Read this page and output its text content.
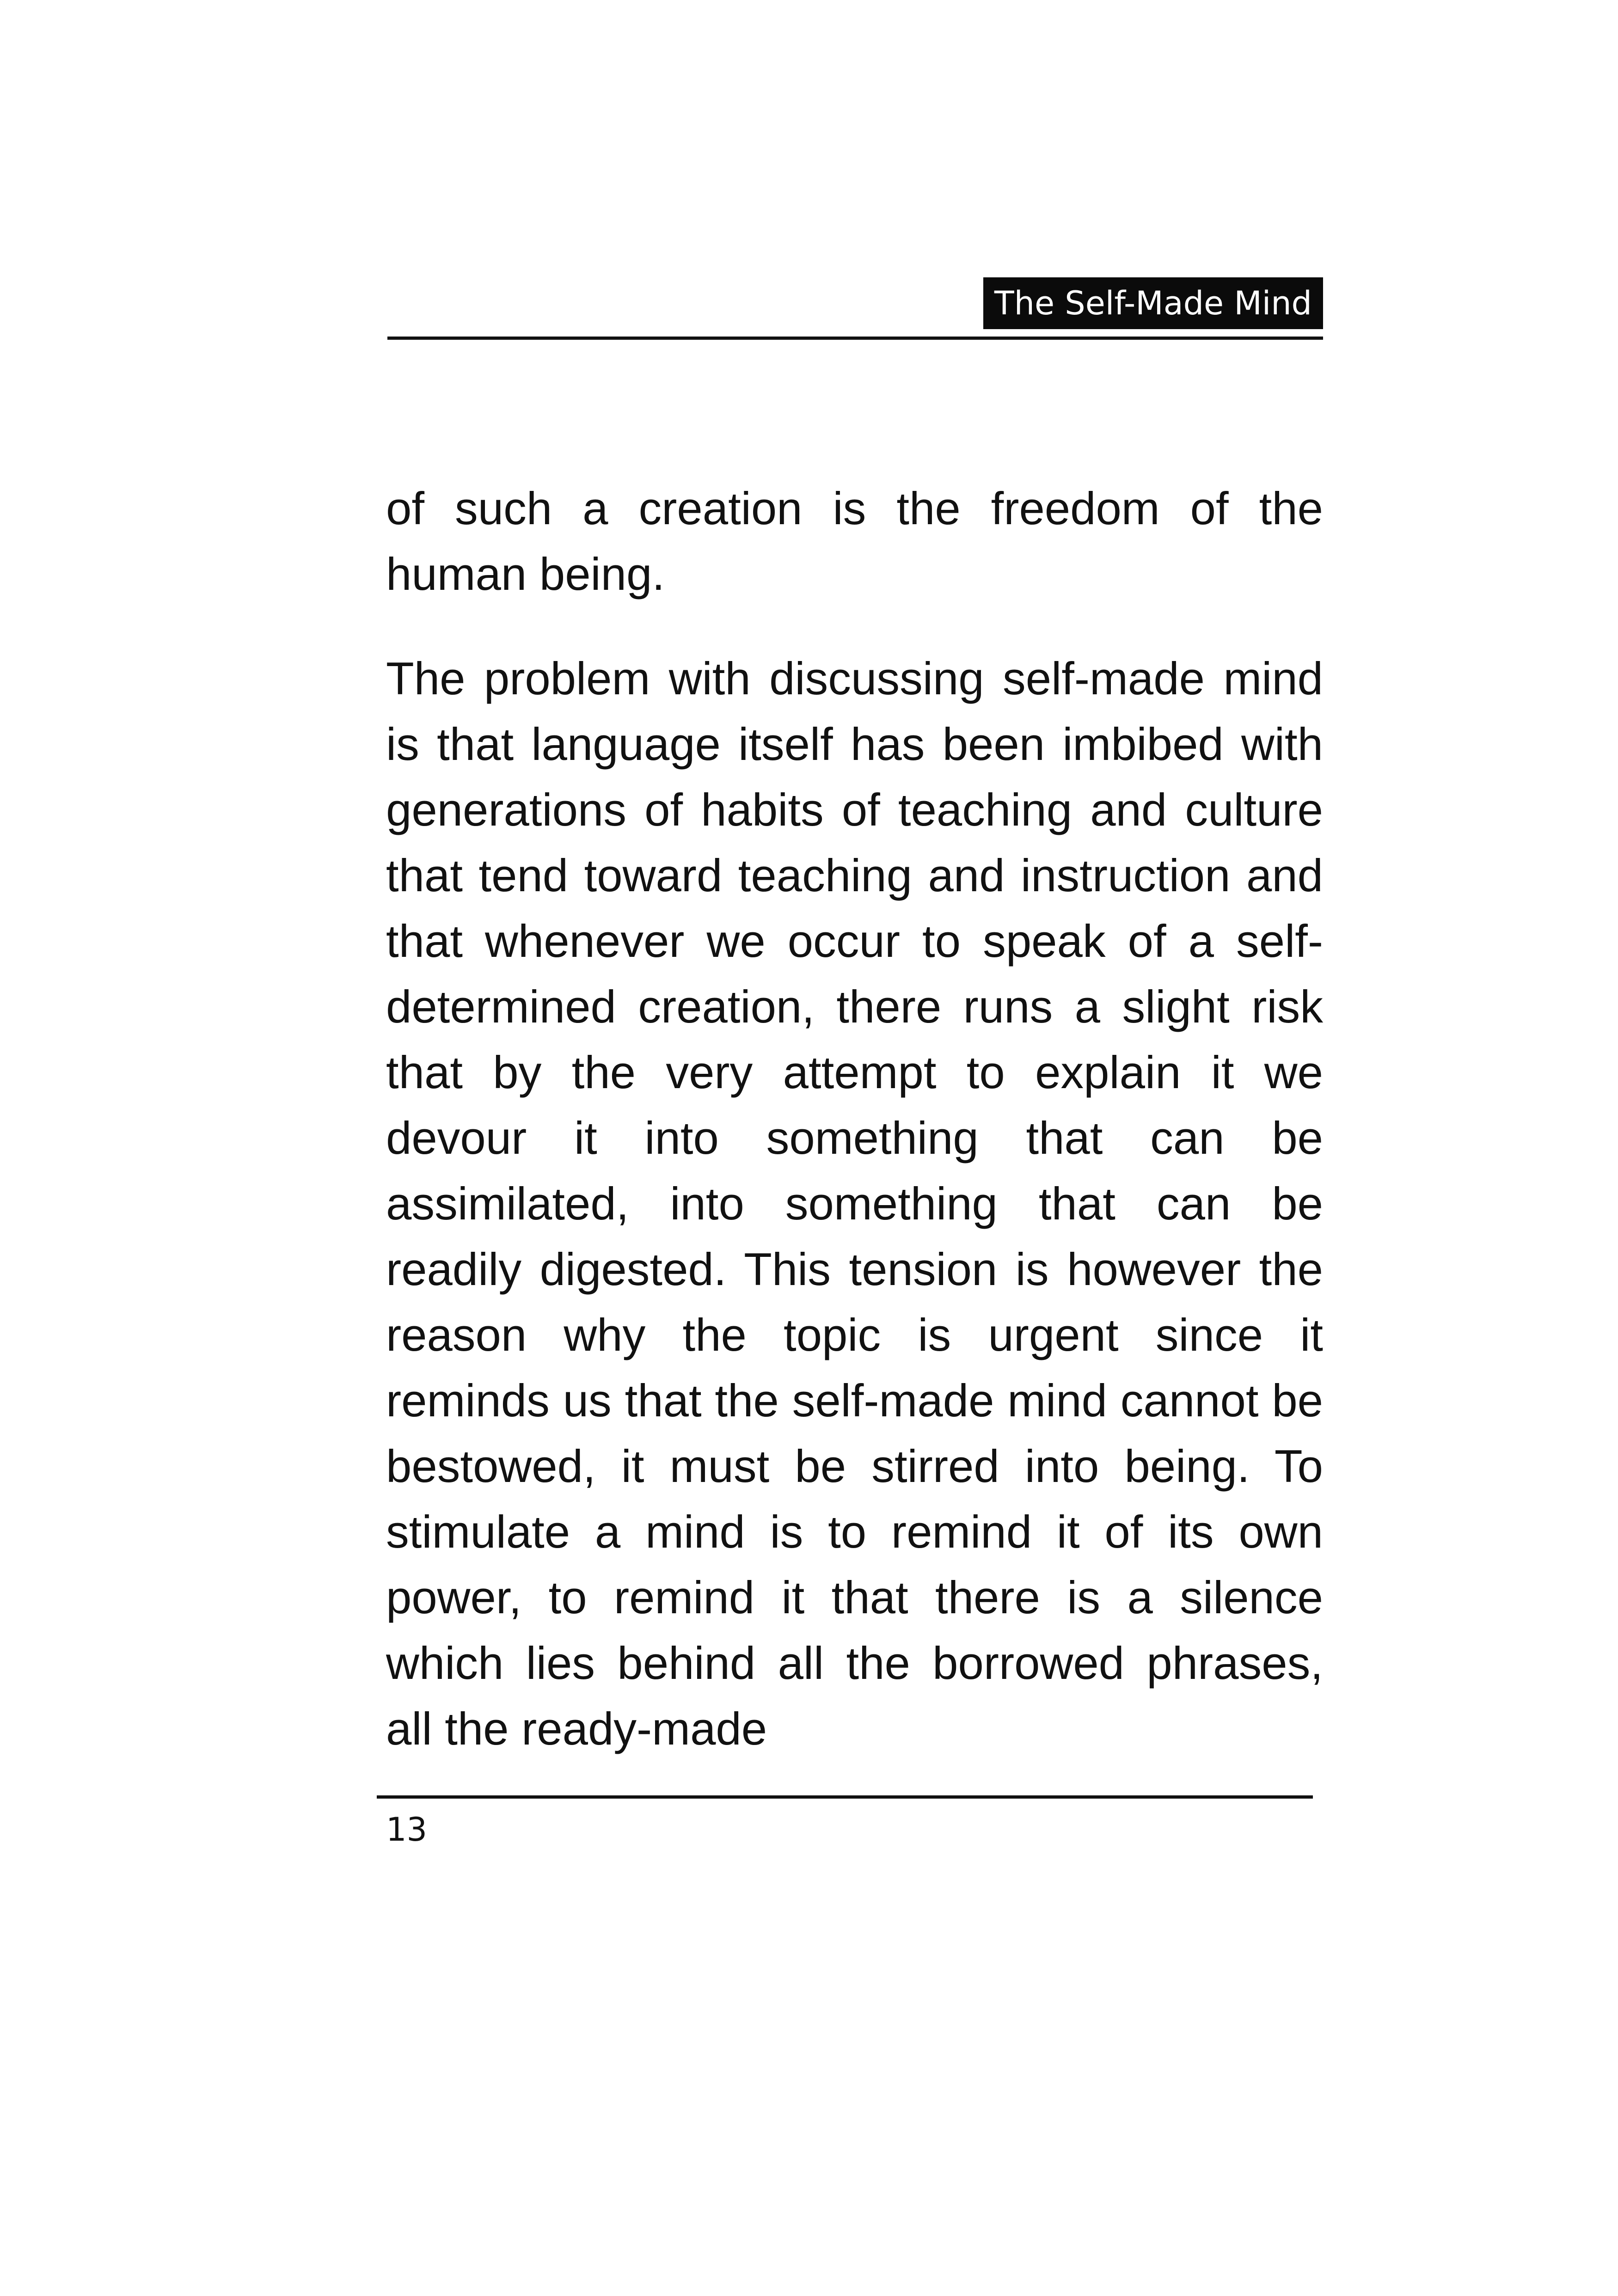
The Self-Made Mind

of such a creation is the freedom of the human being.

The problem with discussing self-made mind is that language itself has been imbibed with generations of habits of teaching and culture that tend toward teaching and instruction and that whenever we occur to speak of a self-determined creation, there runs a slight risk that by the very attempt to explain it we devour it into something that can be assimilated, into something that can be readily digested. This tension is however the reason why the topic is urgent since it reminds us that the self-made mind cannot be bestowed, it must be stirred into being. To stimulate a mind is to remind it of its own power, to remind it that there is a silence which lies behind all the borrowed phrases, all the ready-made

13
